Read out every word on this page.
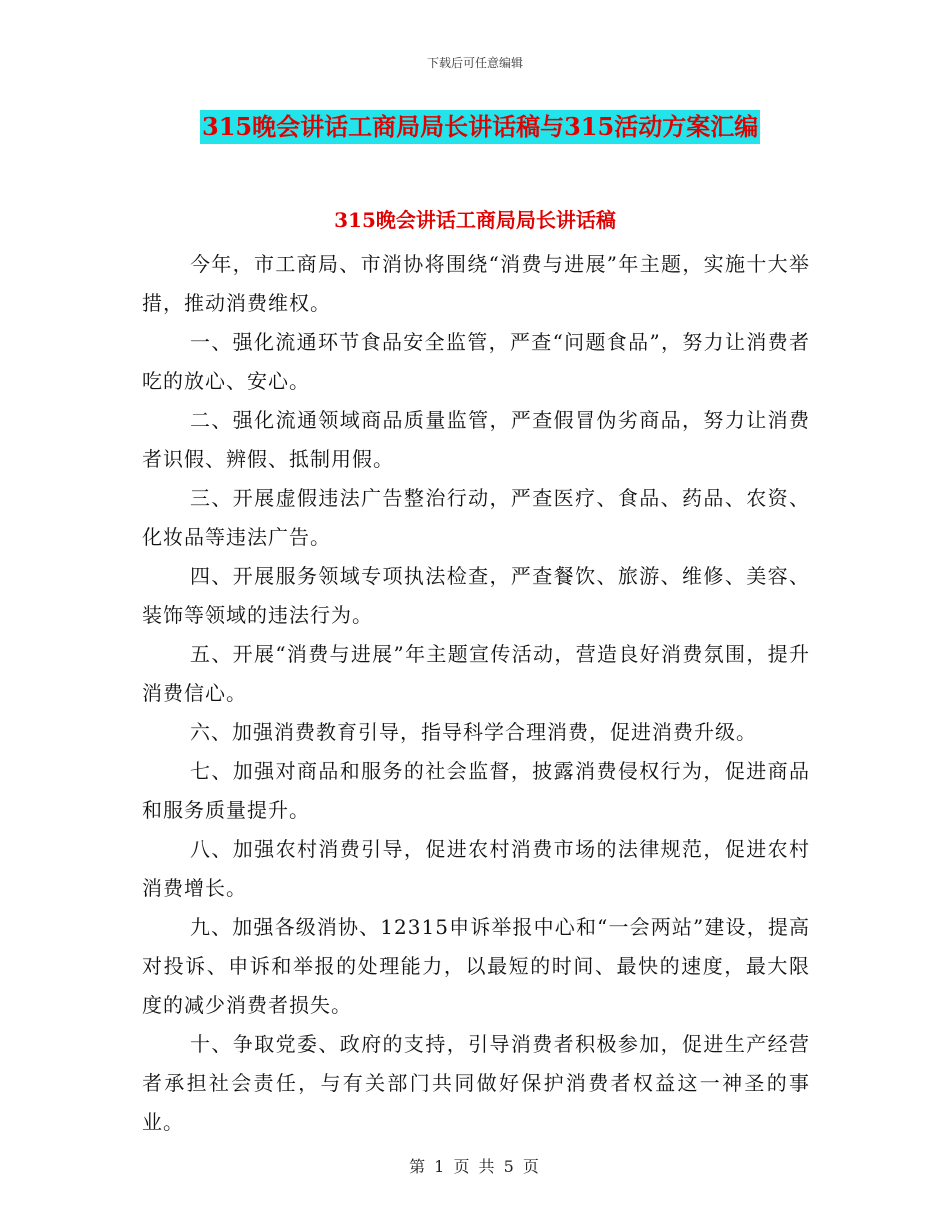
下载后可任意编辑
315晚会讲话工商局局长讲话稿与315活动方案汇编
315晚会讲话工商局局长讲话稿

今年，市工商局、市消协将围绕“消费与进展”年主题，实施十大举措，推动消费维权。

一、强化流通环节食品安全监管，严查“问题食品”，努力让消费者吃的放心、安心。

二、强化流通领域商品质量监管，严查假冒伪劣商品，努力让消费者识假、辨假、抵制用假。

三、开展虚假违法广告整治行动，严查医疗、食品、药品、农资、化妆品等违法广告。

四、开展服务领域专项执法检查，严查餐饮、旅游、维修、美容、装饰等领域的违法行为。

五、开展“消费与进展”年主题宣传活动，营造良好消费氛围，提升消费信心。

六、加强消费教育引导，指导科学合理消费，促进消费升级。

七、加强对商品和服务的社会监督，披露消费侵权行为，促进商品和服务质量提升。

八、加强农村消费引导，促进农村消费市场的法律规范，促进农村消费增长。

九、加强各级消协、12315申诉举报中心和“一会两站”建设，提高对投诉、申诉和举报的处理能力，以最短的时间、最快的速度，最大限度的减少消费者损失。

十、争取党委、政府的支持，引导消费者积极参加，促进生产经营者承担社会责任，与有关部门共同做好保护消费者权益这一神圣的事业。

第 1 页 共 5 页
